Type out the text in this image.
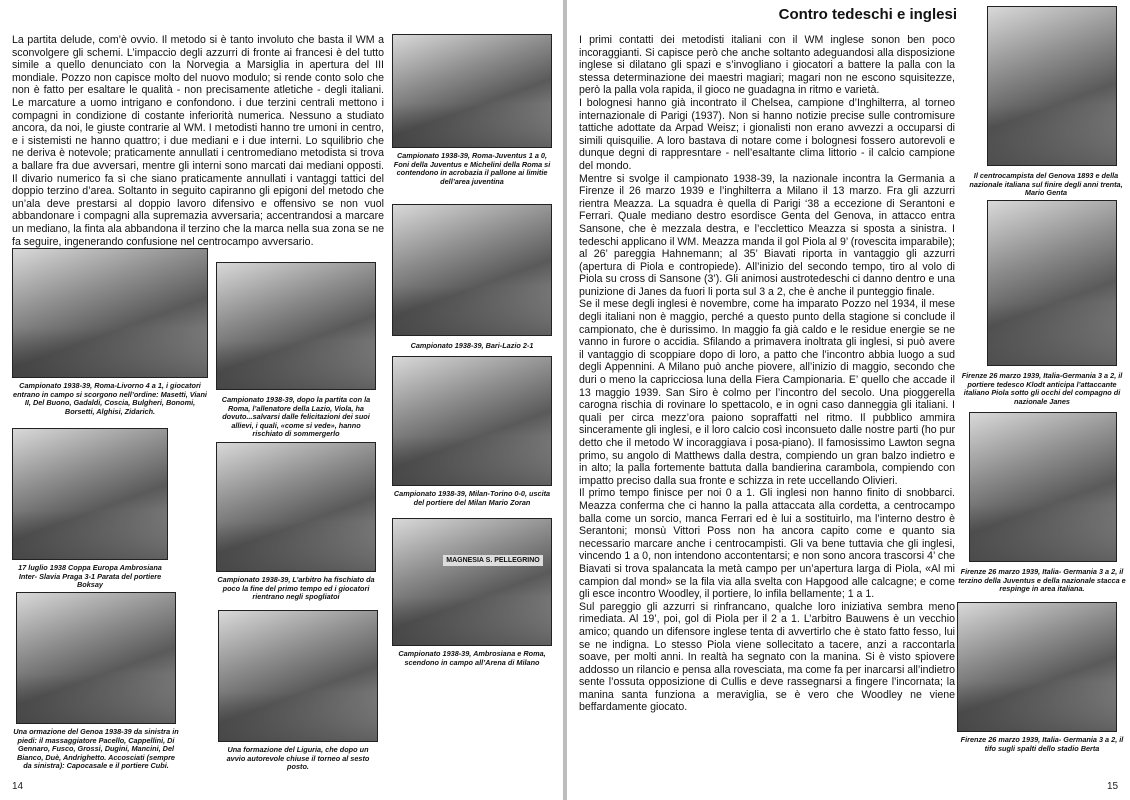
La partita delude, com’è ovvio. Il metodo si è tanto involuto che basta il WM a sconvolgere gli schemi. L’impaccio degli azzurri di fronte ai francesi è del tutto simile a quello denunciato con la Norvegia a Marsiglia in apertura del III mondiale. Pozzo non capisce molto del nuovo modulo; si rende conto solo che non è fatto per esaltare le qualità - non precisamente atletiche - degli italiani. Le marcature a uomo intrigano e confondono. i due terzini centrali mettono i compagni in condizione di costante inferiorità numerica. Nessuno a studiato ancora, da noi, le giuste contrarie al WM. I metodisti hanno tre umoni in centro, e i sistemisti ne hanno quattro; i due mediani e i due interni. Lo squilibrio che ne deriva è notevole; praticamente annullati i centromediano metodista si trova a ballare fra due avversari, mentre gli interni sono marcati dai mediani opposti. Il divario numerico fa sì che siano praticamente annullati i vantaggi tattici del doppio terzino d’area. Soltanto in seguito capiranno gli epigoni del metodo che un’ala deve prestarsi al doppio lavoro difensivo e offensivo se non vuol abbandonare i compagni alla supremazia avversaria; accentrandosi a marcare un mediano, la finta ala abbandona il terzino che la marca nella sua zona se ne fa seguire, ingenerando confusione nel centrocampo avversario.
Campionato 1938-39, Roma-Juventus 1 a 0, Foni della Juventus e Michelini della Roma si contendono in acrobazia il pallone ai limitie dell’area juventina
Campionato 1938-39, Bari-Lazio 2-1
Campionato 1938-39, Milan-Torino 0-0, uscita del portiere del Milan Mario Zoran
MAGNESIA S. PELLEGRINO
Campionato 1938-39, Ambrosiana e Roma, scendono in campo all’Arena di Milano
Campionato 1938-39, Roma-Livorno 4 a 1, i giocatori entrano in campo si scorgono nell’ordine: Masetti, Viani II, Del Buono, Gadaldi, Coscia, Bulgheri, Bonomi, Borsetti, Alghisi, Zidarich.
Campionato 1938-39, dopo la partita con la Roma, l’allenatore della Lazio, Viola, ha dovuto...salvarsi dalle felicitazioni dei suoi allievi, i quali, «come si vede», hanno rischiato di sommergerlo
17 luglio 1938 Coppa Europa Ambrosiana Inter- Slavia Praga 3-1 Parata del portiere Boksay
Campionato 1938-39, L’arbitro ha fischiato da poco la fine del primo tempo ed i giocatori rientrano negli spogliatoi
Una ormazione del Genoa 1938-39 da sinistra in piedi: il massaggiatore Pacello, Cappellini, Di Gennaro, Fusco, Grossi, Dugini, Mancini, Del Bianco, Duè, Andrighetto. Accosciati (sempre da sinistra): Capocasale e il portiere Cubi.
Una formazione del Liguria, che dopo un avvio autorevole chiuse il torneo al sesto posto.
14
Contro tedeschi e inglesi

I primi contatti dei metodisti italiani con il WM inglese sonon ben poco incoraggianti. Si capisce però che anche soltanto adeguandosi alla disposizione inglese si dilatano gli spazi e s’invogliano i giocatori a battere la palla con la stessa determinazione dei maestri magiari; magari non ne escono squisitezze, però la palla vola rapida, il gioco ne guadagna in ritmo e varietà.

I bolognesi hanno già incontrato il Chelsea, campione d’Inghilterra, al torneo internazionale di Parigi (1937). Non si hanno notizie precise sulle contromisure tattiche adottate da Arpad Weisz; i gionalisti non erano avvezzi a occuparsi di simili quisquilie. A loro bastava di notare come i bolognesi fossero autorevoli e dunque degni di rappresntare - nell’esaltante clima littorio - il calcio campione del mondo.

Mentre si svolge il campionato 1938-39, la nazionale incontra la Germania a Firenze il 26 marzo 1939 e l’inghilterra a Milano il 13 marzo. Fra gli azzurri rientra Meazza. La squadra è quella di Parigi ‘38 a eccezione di Serantoni e Ferrari. Quale mediano destro esordisce Genta del Genova, in attacco entra Sansone, che è mezzala destra, e l’ecclettico Meazza si sposta a sinistra. I tedeschi applicano il WM. Meazza manda il gol Piola al 9’ (rovescita imparabile); al 26’ pareggia Hahnemann; al 35’ Biavati riporta in vantaggio gli azzurri (apertura di Piola e contropiede). All’inizio del secondo tempo, tiro al volo di Piola su cross di Sansone (3’). Gli animosi austrotedeschi ci danno dentro e una punizione di Janes da fuori li porta sul 3 a 2, che è anche il punteggio finale.

Se il mese degli inglesi è novembre, come ha imparato Pozzo nel 1934, il mese degli italiani non è maggio, perché a questo punto della stagione si conclude il campionato, che è durissimo. In maggio fa già caldo e le residue energie se ne vanno in furore o accidia. Sfilando a primavera inoltrata gli inglesi, si può avere il vantaggio di scoppiare dopo di loro, a patto che l’incontro abbia luogo a sud degli Appennini. A Milano può anche piovere, all’inizio di maggio, secondo che duri o meno la capricciosa luna della Fiera Campionaria. E’ quello che accade il 13 maggio 1939. San Siro è colmo per l’incontro del secolo. Una pioggerella carogna rischia di rovinare lo spettacolo, e in ogni caso danneggia gli italiani. I quali per circa mezz’ora paiono sopraffatti nel ritmo. Il pubblico ammira sinceramente gli inglesi, e il loro calcio così inconsueto dalle nostre parti (ho pur detto che il metodo W incoraggiava i posa-piano). Il famosissimo Lawton segna primo, su angolo di Matthews dalla destra, compiendo un gran balzo indietro e in alto; la palla fortemente battuta dalla bandierina carambola, compiendo con impatto preciso dalla sua fronte e schizza in rete uccellando Olivieri.

Il primo tempo finisce per noi 0 a 1. Gli inglesi non hanno finito di snobbarci. Meazza conferma che ci hanno la palla attaccata alla cordetta, a centrocampo balla come un sorcio, manca Ferrari ed è lui a sostituirlo, ma l’interno destro è Serantoni; monsù Vittori Poss non ha ancora capito come e quanto sia necessario marcare anche i centrocampisti. Gli va bene tuttavia che gli inglesi, vincendo 1 a 0, non intendono accontentarsi; e non sono ancora trascorsi 4’ che Biavati si trova spalancata la metà campo per un’apertura larga di Piola, «Al mi campion dal mond» se la fila via alla svelta con Hapgood alle calcagne; e come gli esce incontro Woodley, il portiere, lo infila bellamente; 1 a 1.

Sul pareggio gli azzurri si rinfrancano, qualche loro iniziativa sembra meno rimediata. Al 19’, poi, gol di Piola per il 2 a 1. L’arbitro Bauwens è un vecchio amico; quando un difensore inglese tenta di avvertirlo che è stato fatto fesso, lui se ne indigna. Lo stesso Piola viene sollecitato a tacere, anzi a raccontarla soave, per molti anni. In realtà ha segnato con la manina. Si è visto spiovere addosso un rilancio e pensa alla rovesciata, ma come fa per inarcarsi all’indietro sente l’ossuta opposizione di Cullis e deve rassegnarsi a fingere l’incornata; la manina santa funziona a meraviglia, se è vero che Woodley ne viene beffardamente giocato.

Il centrocampista del Genova 1893 e della nazionale italiana sul finire degli anni trenta, Mario Genta
Firenze 26 marzo 1939, Italia-Germania 3 a 2, il portiere tedesco Klodt anticipa l’attaccante italiano Piola sotto gli occhi del compagno di nazionale Janes
Firenze 26 marzo 1939, Italia- Germania 3 a 2, il terzino della Juventus e della nazionale stacca e respinge in area italiana.
Firenze 26 marzo 1939, Italia- Germania 3 a 2, il tifo sugli spalti dello stadio Berta
15
